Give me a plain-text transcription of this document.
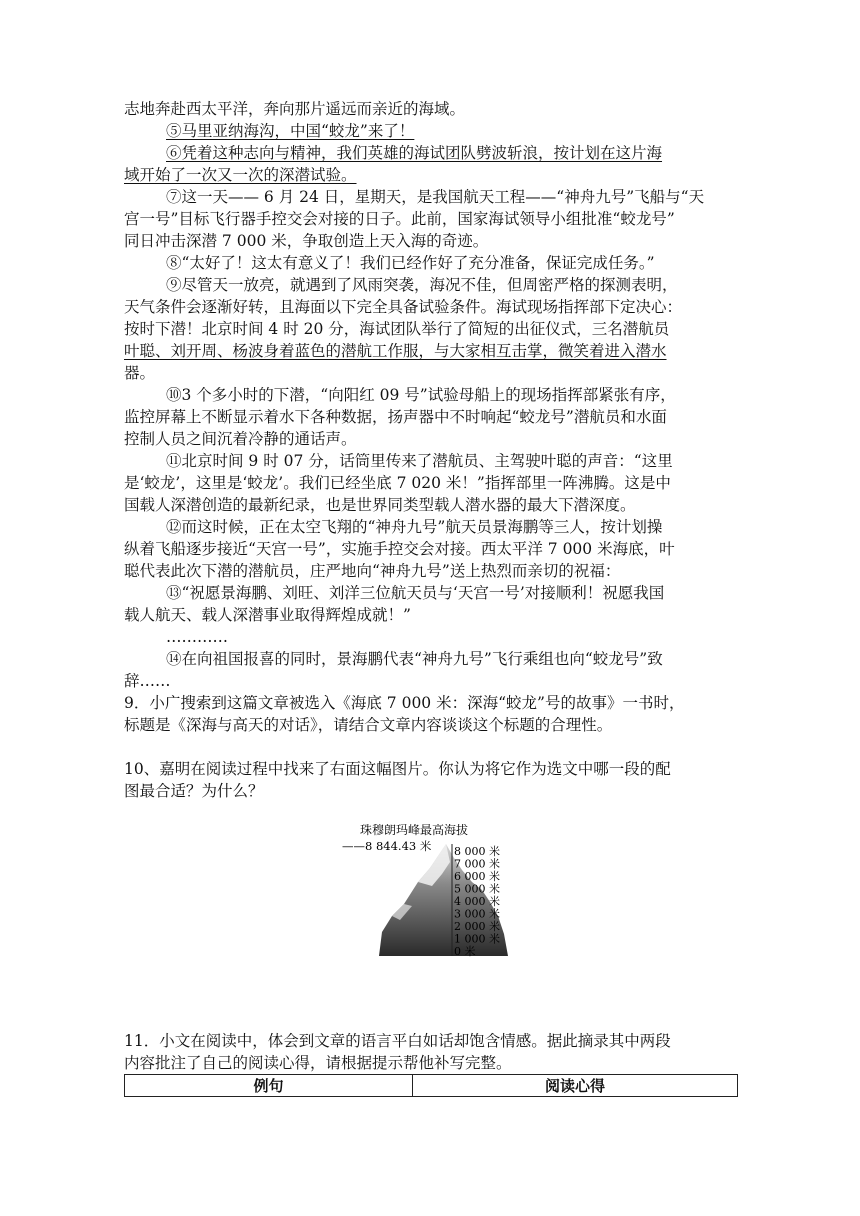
志地奔赴西太平洋，奔向那片遥远而亲近的海域。

⑤马里亚纳海沟，中国“蛟龙”来了！

⑥凭着这种志向与精神，我们英雄的海试团队劈波斩浪，按计划在这片海

域开始了一次又一次的深潜试验。

⑦这一天—— 6 月 24 日，星期天，是我国航天工程——“神舟九号”飞船与“天

宫一号”目标飞行器手控交会对接的日子。此前，国家海试领导小组批准“蛟龙号”

同日冲击深潜 7 000 米，争取创造上天入海的奇迹。

⑧“太好了！这太有意义了！我们已经作好了充分准备，保证完成任务。”

⑨尽管天一放亮，就遇到了风雨突袭，海况不佳，但周密严格的探测表明，

天气条件会逐渐好转，且海面以下完全具备试验条件。海试现场指挥部下定决心：

按时下潜！北京时间 4 时 20 分，海试团队举行了简短的出征仪式，三名潜航员

叶聪、刘开周、杨波身着蓝色的潜航工作服，与大家相互击掌，微笑着进入潜水

器。

⑩3 个多小时的下潜，“向阳红 09 号”试验母船上的现场指挥部紧张有序，

监控屏幕上不断显示着水下各种数据，扬声器中不时响起“蛟龙号”潜航员和水面

控制人员之间沉着冷静的通话声。

⑪北京时间 9 时 07 分，话筒里传来了潜航员、主驾驶叶聪的声音：“这里

是‘蛟龙’，这里是‘蛟龙’。我们已经坐底 7 020 米！”指挥部里一阵沸腾。这是中

国载人深潜创造的最新纪录，也是世界同类型载人潜水器的最大下潜深度。

⑫而这时候，正在太空飞翔的“神舟九号”航天员景海鹏等三人，按计划操

纵着飞船逐步接近“天宫一号”，实施手控交会对接。西太平洋 7 000 米海底，叶

聪代表此次下潜的潜航员，庄严地向“神舟九号”送上热烈而亲切的祝福：

⑬“祝愿景海鹏、刘旺、刘洋三位航天员与‘天宫一号’对接顺利！祝愿我国

载人航天、载人深潜事业取得辉煌成就！”

…………

⑭在向祖国报喜的同时，景海鹏代表“神舟九号”飞行乘组也向“蛟龙号”致

辞……

9．小广搜索到这篇文章被选入《海底 7 000 米：深海“蛟龙”号的故事》一书时，

标题是《深海与高天的对话》，请结合文章内容谈谈这个标题的合理性。

10、嘉明在阅读过程中找来了右面这幅图片。你认为将它作为选文中哪一段的配

图最合适？为什么？

珠穆朗玛峰最高海拔
——8 844.43 米 8 000 米
7 000 米
6 000 米
5 000 米
4 000 米
3 000 米
2 000 米
1 000 米
0 米

11．小文在阅读中，体会到文章的语言平白如话却饱含情感。据此摘录其中两段

内容批注了自己的阅读心得，请根据提示帮他补写完整。

例句	阅读心得
